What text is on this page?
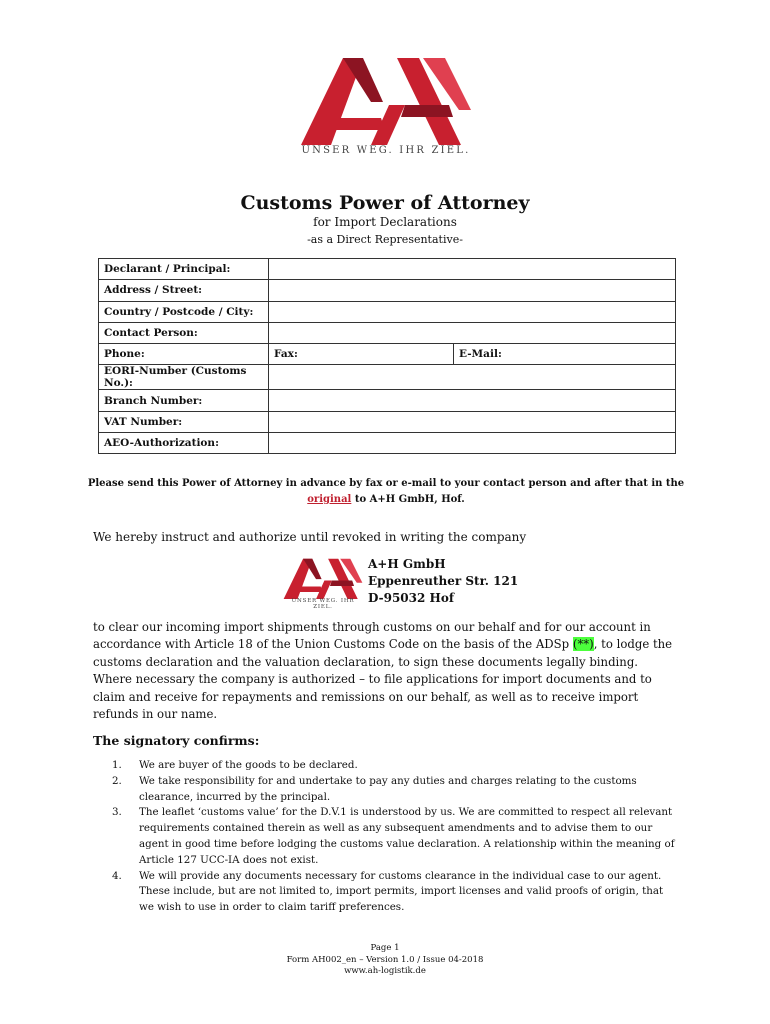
UNSER WEG. IHR ZIEL.
Customs Power of Attorney
for Import Declarations
-as a Direct Representative-
Declarant / Principal:		
Address / Street:		
Country / Postcode / City:		
Contact Person:		
Phone:	Fax:	E-Mail:
EORI-Number (Customs No.):		
Branch Number:		
VAT Number:		
AEO-Authorization:		
Please send this Power of Attorney in advance by fax or e-mail to your contact person and after that in the
original to A+H GmbH, Hof.
We hereby instruct and authorize until revoked in writing the company
UNSER WEG. IHR ZIEL.
A+H GmbH
Eppenreuther Str. 121
D-95032 Hof
to clear our incoming import shipments through customs on our behalf and for our account in accordance with Article 18 of the Union Customs Code on the basis of the ADSp (**), to lodge the customs declaration and the valuation declaration, to sign these documents legally binding. Where necessary the company is authorized – to file applications for import documents and to claim and receive for repayments and remissions on our behalf, as well as to receive import refunds in our name.
The signatory confirms:
1.	We are buyer of the goods to be declared.
2.	We take responsibility for and undertake to pay any duties and charges relating to the customs clearance, incurred by the principal.
3.	The leaflet ‘customs value’ for the D.V.1 is understood by us. We are committed to respect all relevant requirements contained therein as well as any subsequent amendments and to advise them to our agent in good time before lodging the customs value declaration. A relationship within the meaning of Article 127 UCC-IA does not exist.
4.	We will provide any documents necessary for customs clearance in the individual case to our agent. These include, but are not limited to, import permits, import licenses and valid proofs of origin, that we wish to use in order to claim tariff preferences.
Page 1
Form AH002_en – Version 1.0 / Issue 04-2018
www.ah-logistik.de
